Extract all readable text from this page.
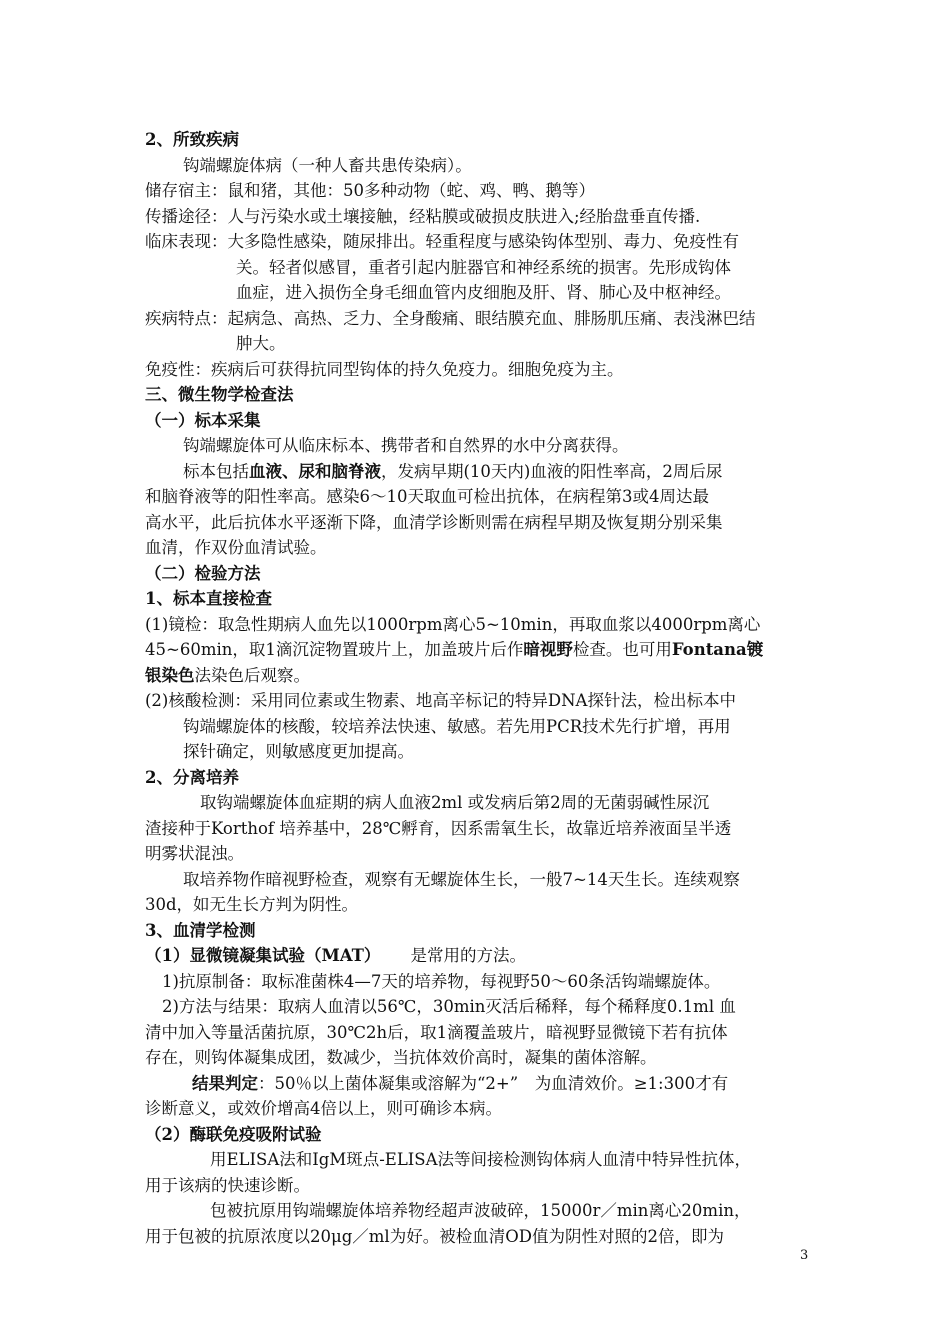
2、所致疾病
钩端螺旋体病（一种人畜共患传染病）。
储存宿主：鼠和猪，其他：50多种动物（蛇、鸡、鸭、鹅等）
传播途径：人与污染水或土壤接触，经粘膜或破损皮肤进入;经胎盘垂直传播.
临床表现：大多隐性感染，随尿排出。轻重程度与感染钩体型别、毒力、免疫性有
关。轻者似感冒，重者引起内脏器官和神经系统的损害。先形成钩体
血症，进入损伤全身毛细血管内皮细胞及肝、肾、肺心及中枢神经。
疾病特点：起病急、高热、乏力、全身酸痛、眼结膜充血、腓肠肌压痛、表浅淋巴结
肿大。
免疫性：疾病后可获得抗同型钩体的持久免疫力。细胞免疫为主。
三、微生物学检查法
（一）标本采集
钩端螺旋体可从临床标本、携带者和自然界的水中分离获得。
标本包括血液、尿和脑脊液，发病早期(10天内)血液的阳性率高，2周后尿
和脑脊液等的阳性率高。感染6～10天取血可检出抗体，在病程第3或4周达最
高水平，此后抗体水平逐渐下降，血清学诊断则需在病程早期及恢复期分别采集
血清，作双份血清试验。
（二）检验方法
1、标本直接检查
(1)镜检：取急性期病人血先以1000rpm离心5~10min，再取血浆以4000rpm离心
45~60min，取1滴沉淀物置玻片上，加盖玻片后作暗视野检查。也可用Fontana镀
银染色法染色后观察。
(2)核酸检测：采用同位素或生物素、地高辛标记的特异DNA探针法，检出标本中
钩端螺旋体的核酸，较培养法快速、敏感。若先用PCR技术先行扩增，再用
探针确定，则敏感度更加提高。
2、分离培养
取钩端螺旋体血症期的病人血液2ml 或发病后第2周的无菌弱碱性尿沉
渣接种于Korthof 培养基中，28℃孵育，因系需氧生长，故靠近培养液面呈半透
明雾状混浊。
取培养物作暗视野检查，观察有无螺旋体生长，一般7~14天生长。连续观察
30d，如无生长方判为阴性。
3、血清学检测
（1）显微镜凝集试验（MAT） 是常用的方法。
1)抗原制备：取标准菌株4—7天的培养物，每视野50～60条活钩端螺旋体。
2)方法与结果：取病人血清以56℃，30min灭活后稀释，每个稀释度0.1ml 血
清中加入等量活菌抗原，30℃2h后，取1滴覆盖玻片，暗视野显微镜下若有抗体
存在，则钩体凝集成团，数减少，当抗体效价高时，凝集的菌体溶解。
结果判定：50％以上菌体凝集或溶解为“2+”　为血清效价。≥1:300才有
诊断意义，或效价增高4倍以上，则可确诊本病。
（2）酶联免疫吸附试验
用ELISA法和IgM斑点-ELISA法等间接检测钩体病人血清中特异性抗体，
用于该病的快速诊断。
包被抗原用钩端螺旋体培养物经超声波破碎，15000r／min离心20min，
用于包被的抗原浓度以20μg／ml为好。被检血清OD值为阴性对照的2倍，即为
3
